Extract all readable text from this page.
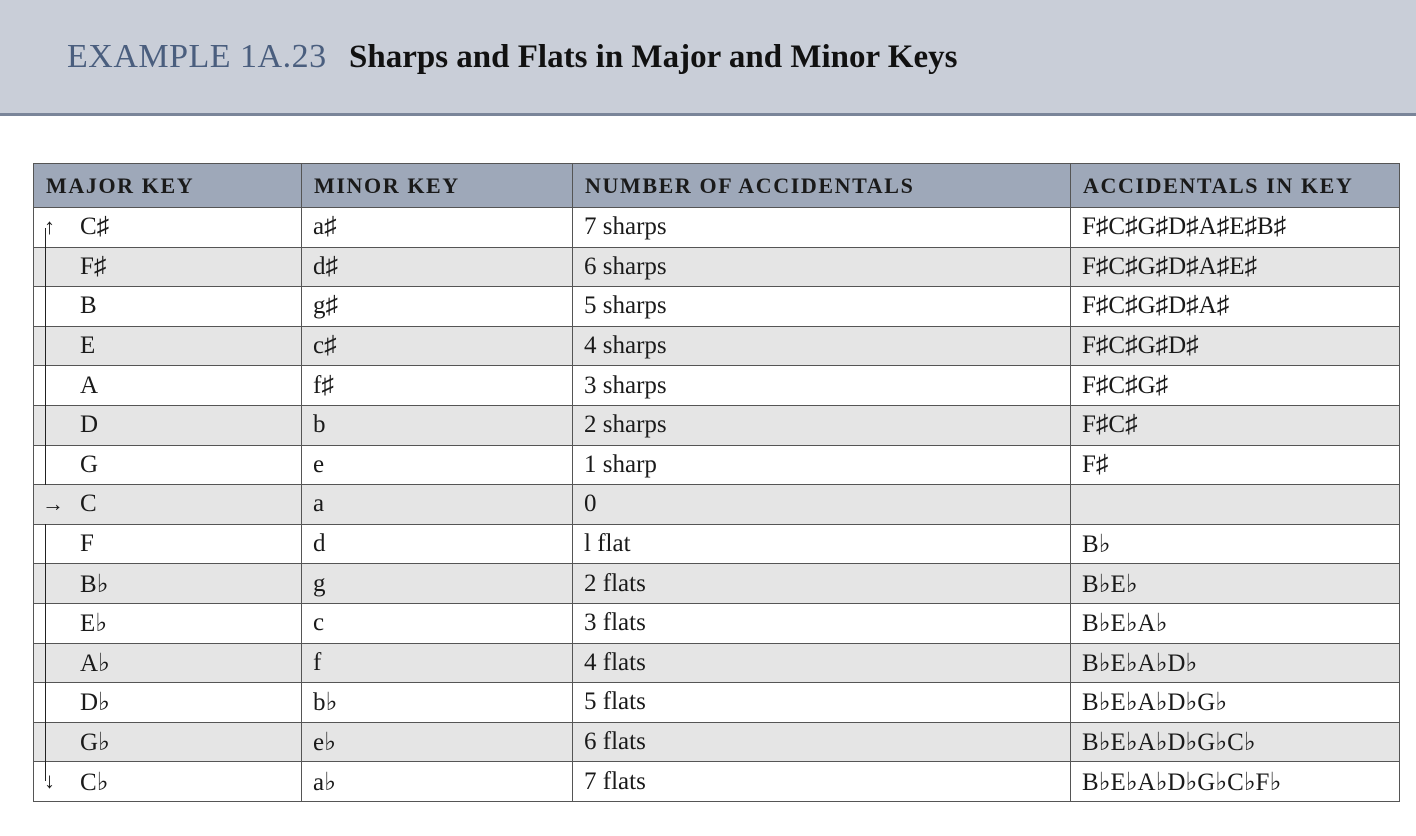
EXAMPLE 1A.23 Sharps and Flats in Major and Minor Keys
MAJOR KEY	MINOR KEY	NUMBER OF ACCIDENTALS	ACCIDENTALS IN KEY

↑ C♯	a♯	7 sharps	F♯C♯G♯D♯A♯E♯B♯
F♯	d♯	6 sharps	F♯C♯G♯D♯A♯E♯
B	g♯	5 sharps	F♯C♯G♯D♯A♯
E	c♯	4 sharps	F♯C♯G♯D♯
A	f♯	3 sharps	F♯C♯G♯
D	b	2 sharps	F♯C♯
G	e	1 sharp	F♯

→ C	a	0	
F	d	l flat	B♭
B♭	g	2 flats	B♭E♭
E♭	c	3 flats	B♭E♭A♭
A♭	f	4 flats	B♭E♭A♭D♭
D♭	b♭	5 flats	B♭E♭A♭D♭G♭
G♭	e♭	6 flats	B♭E♭A♭D♭G♭C♭

↓ C♭	a♭	7 flats	B♭E♭A♭D♭G♭C♭F♭
